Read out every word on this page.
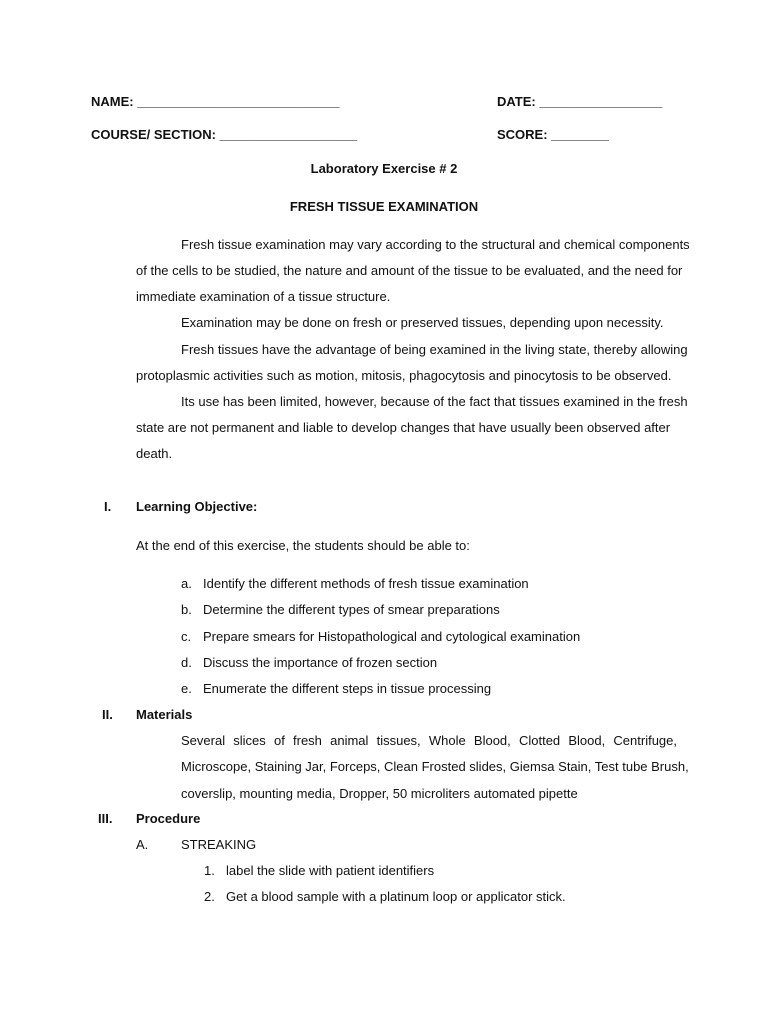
NAME: ____________________________	DATE: _________________
COURSE/ SECTION: ___________________	SCORE: ________
Laboratory Exercise # 2
FRESH TISSUE EXAMINATION
Fresh tissue examination may vary according to the structural and chemical components
of the cells to be studied, the nature and amount of the tissue to be evaluated, and the need for
immediate examination of a tissue structure.
Examination may be done on fresh or preserved tissues, depending upon necessity.
Fresh tissues have the advantage of being examined in the living state, thereby allowing
protoplasmic activities such as motion, mitosis, phagocytosis and pinocytosis to be observed.
Its use has been limited, however, because of the fact that tissues examined in the fresh
state are not permanent and liable to develop changes that have usually been observed after
death.
I. Learning Objective:
At the end of this exercise, the students should be able to:
a. Identify the different methods of fresh tissue examination
b. Determine the different types of smear preparations
c. Prepare smears for Histopathological and cytological examination
d. Discuss the importance of frozen section
e. Enumerate the different steps in tissue processing
II. Materials
Several slices of fresh animal tissues, Whole Blood, Clotted Blood, Centrifuge,
Microscope, Staining Jar, Forceps, Clean Frosted slides, Giemsa Stain, Test tube Brush,
coverslip, mounting media, Dropper, 50 microliters automated pipette
III. Procedure
A.	STREAKING
1. label the slide with patient identifiers
2. Get a blood sample with a platinum loop or applicator stick.
